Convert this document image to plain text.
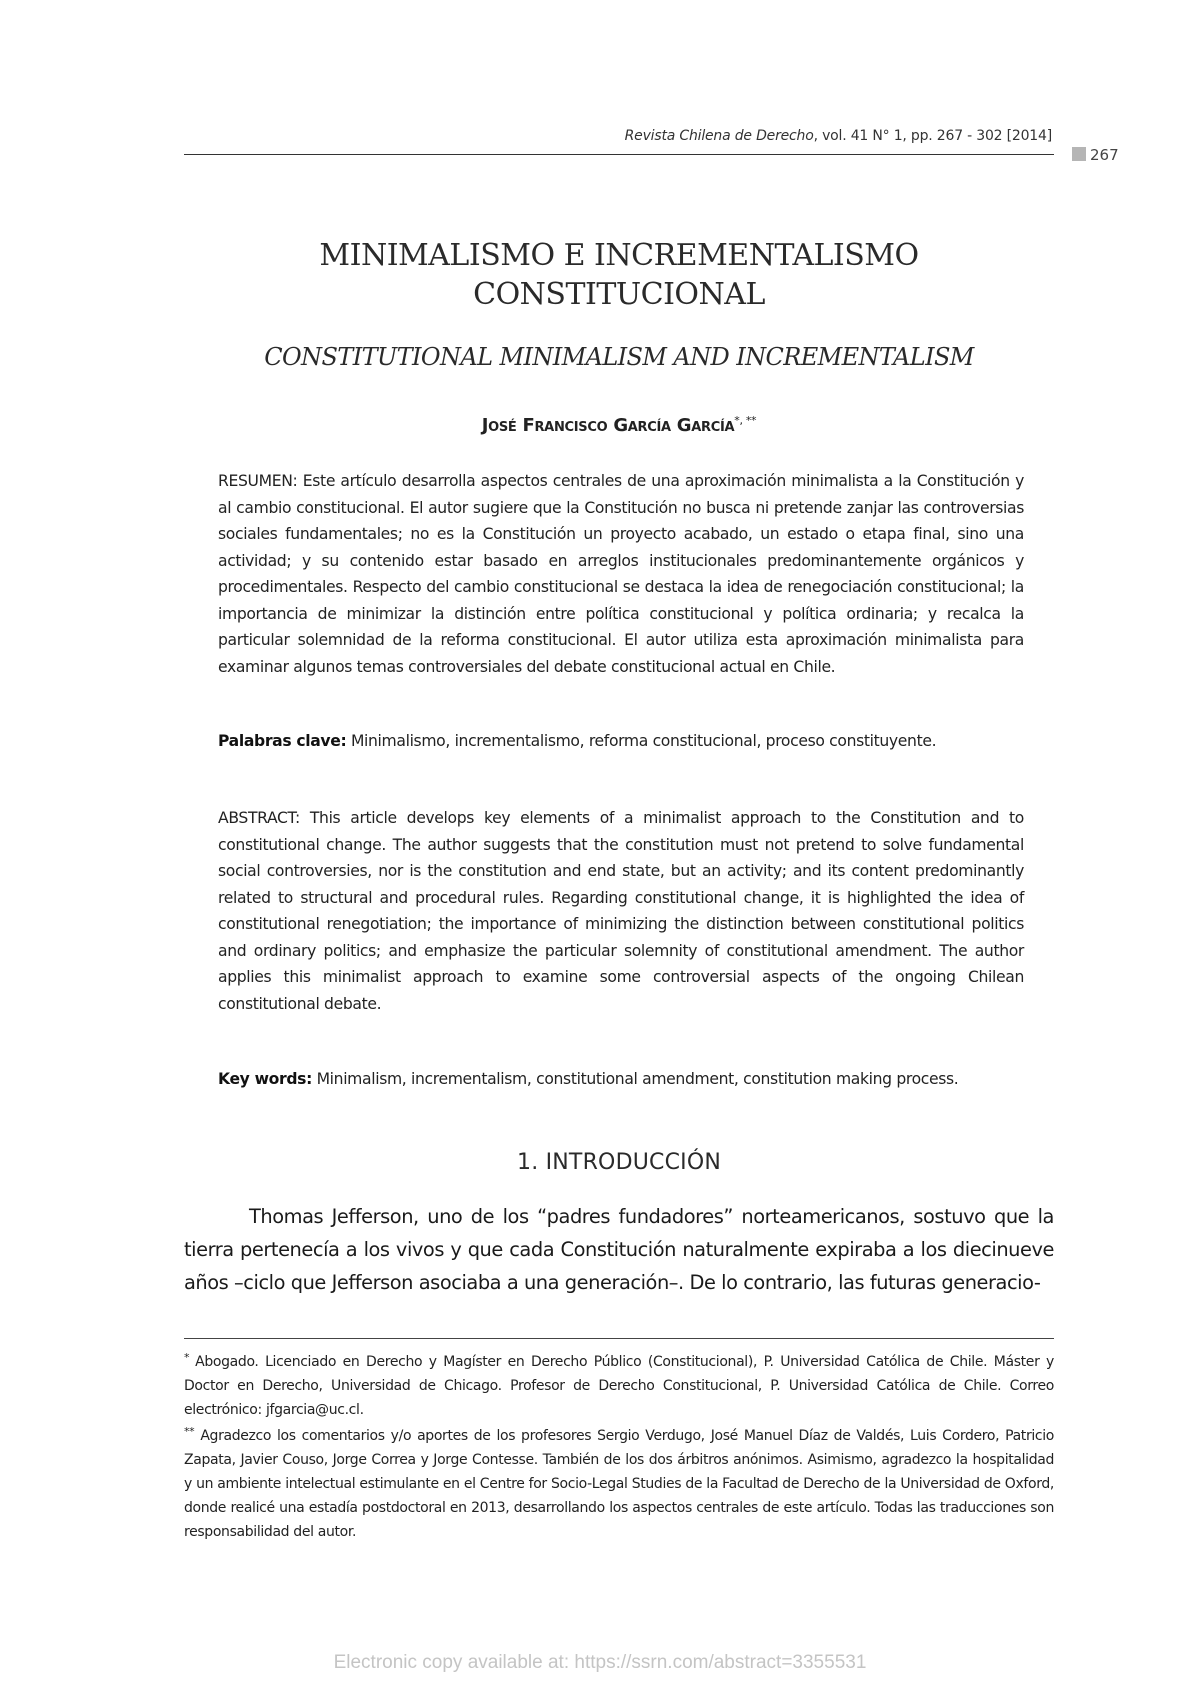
Revista Chilena de Derecho, vol. 41 N° 1, pp. 267 - 302 [2014]
267
MINIMALISMO E INCREMENTALISMO
CONSTITUCIONAL
CONSTITUTIONAL MINIMALISM AND INCREMENTALISM
José Francisco García García*, **
RESUMEN: Este artículo desarrolla aspectos centrales de una aproximación minimalista a la Constitución y al cambio constitucional. El autor sugiere que la Constitución no busca ni pretende zanjar las controversias sociales fundamentales; no es la Constitución un proyecto acabado, un estado o etapa final, sino una actividad; y su contenido estar basado en arreglos institucionales predominantemente orgánicos y procedimentales. Respecto del cambio constitucional se destaca la idea de renegociación constitucional; la importancia de minimizar la distinción entre política constitucional y política ordinaria; y recalca la particular solemnidad de la reforma constitucional. El autor utiliza esta aproximación minimalista para examinar algunos temas controversiales del debate constitucional actual en Chile.
Palabras clave: Minimalismo, incrementalismo, reforma constitucional, proceso constituyente.
ABSTRACT: This article develops key elements of a minimalist approach to the Constitution and to constitutional change. The author suggests that the constitution must not pretend to solve fundamental social controversies, nor is the constitution and end state, but an activity; and its content predominantly related to structural and procedural rules. Regarding constitutional change, it is highlighted the idea of constitutional renegotiation; the importance of minimizing the distinction between constitutional politics and ordinary politics; and emphasize the particular solemnity of constitutional amendment. The author applies this minimalist approach to examine some controversial aspects of the ongoing Chilean constitutional debate.
Key words: Minimalism, incrementalism, constitutional amendment, constitution making process.
1. INTRODUCCIÓN
Thomas Jefferson, uno de los “padres fundadores” norteamericanos, sostuvo que la tierra pertenecía a los vivos y que cada Constitución naturalmente expiraba a los diecinueve años –ciclo que Jefferson asociaba a una generación–. De lo contrario, las futuras generacio-
* Abogado. Licenciado en Derecho y Magíster en Derecho Público (Constitucional), P. Universidad Católica de Chile. Máster y Doctor en Derecho, Universidad de Chicago. Profesor de Derecho Constitucional, P. Universidad Católica de Chile. Correo electrónico: jfgarcia@uc.cl.
** Agradezco los comentarios y/o aportes de los profesores Sergio Verdugo, José Manuel Díaz de Valdés, Luis Cordero, Patricio Zapata, Javier Couso, Jorge Correa y Jorge Contesse. También de los dos árbitros anónimos. Asimismo, agradezco la hospitalidad y un ambiente intelectual estimulante en el Centre for Socio-Legal Studies de la Facultad de Derecho de la Universidad de Oxford, donde realicé una estadía postdoctoral en 2013, desarrollando los aspectos centrales de este artículo. Todas las traducciones son responsabilidad del autor.
Electronic copy available at: https://ssrn.com/abstract=3355531
